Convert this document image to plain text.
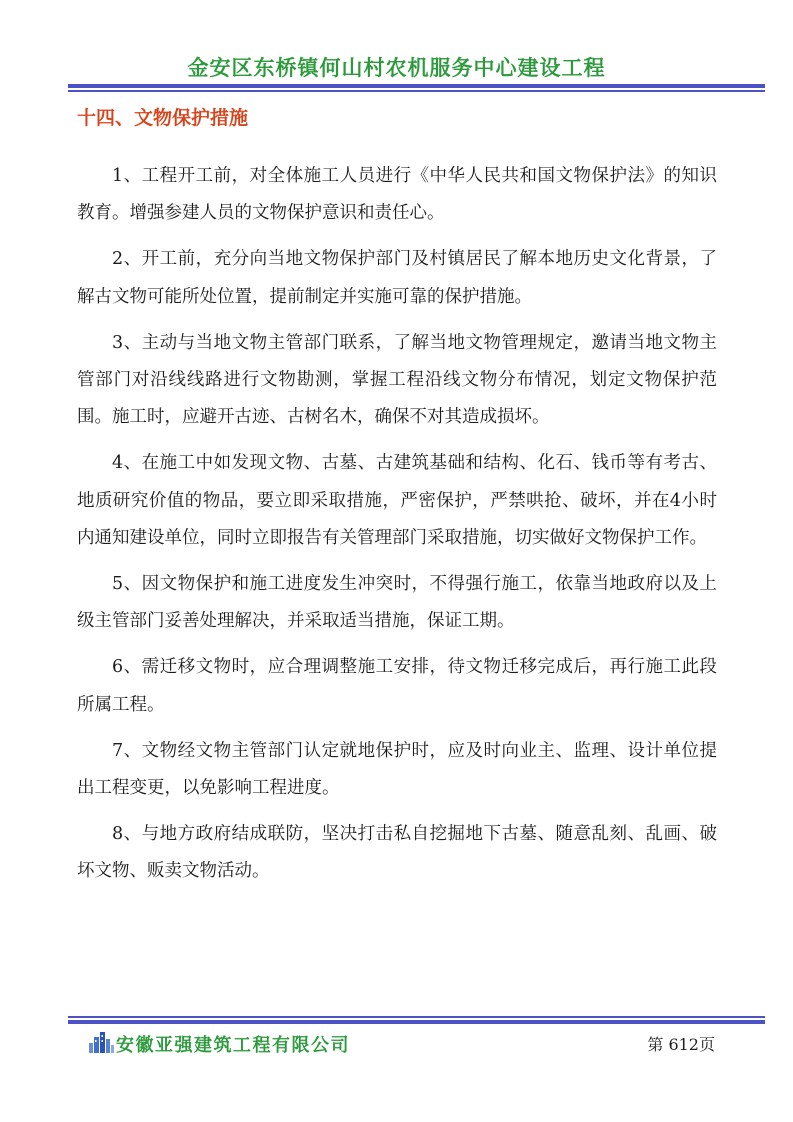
金安区东桥镇何山村农机服务中心建设工程
十四、文物保护措施

1、工程开工前，对全体施工人员进行《中华人民共和国文物保护法》的知识教育。增强参建人员的文物保护意识和责任心。

2、开工前，充分向当地文物保护部门及村镇居民了解本地历史文化背景，了解古文物可能所处位置，提前制定并实施可靠的保护措施。

3、主动与当地文物主管部门联系，了解当地文物管理规定，邀请当地文物主管部门对沿线线路进行文物勘测，掌握工程沿线文物分布情况，划定文物保护范围。施工时，应避开古迹、古树名木，确保不对其造成损坏。

4、在施工中如发现文物、古墓、古建筑基础和结构、化石、钱币等有考古、地质研究价值的物品，要立即采取措施，严密保护，严禁哄抢、破坏，并在4小时内通知建设单位，同时立即报告有关管理部门采取措施，切实做好文物保护工作。

5、因文物保护和施工进度发生冲突时，不得强行施工，依靠当地政府以及上级主管部门妥善处理解决，并采取适当措施，保证工期。

6、需迁移文物时，应合理调整施工安排，待文物迁移完成后，再行施工此段所属工程。

7、文物经文物主管部门认定就地保护时，应及时向业主、监理、设计单位提出工程变更，以免影响工程进度。

8、与地方政府结成联防，坚决打击私自挖掘地下古墓、随意乱刻、乱画、破坏文物、贩卖文物活动。

安徽亚强建筑工程有限公司	第 612页
